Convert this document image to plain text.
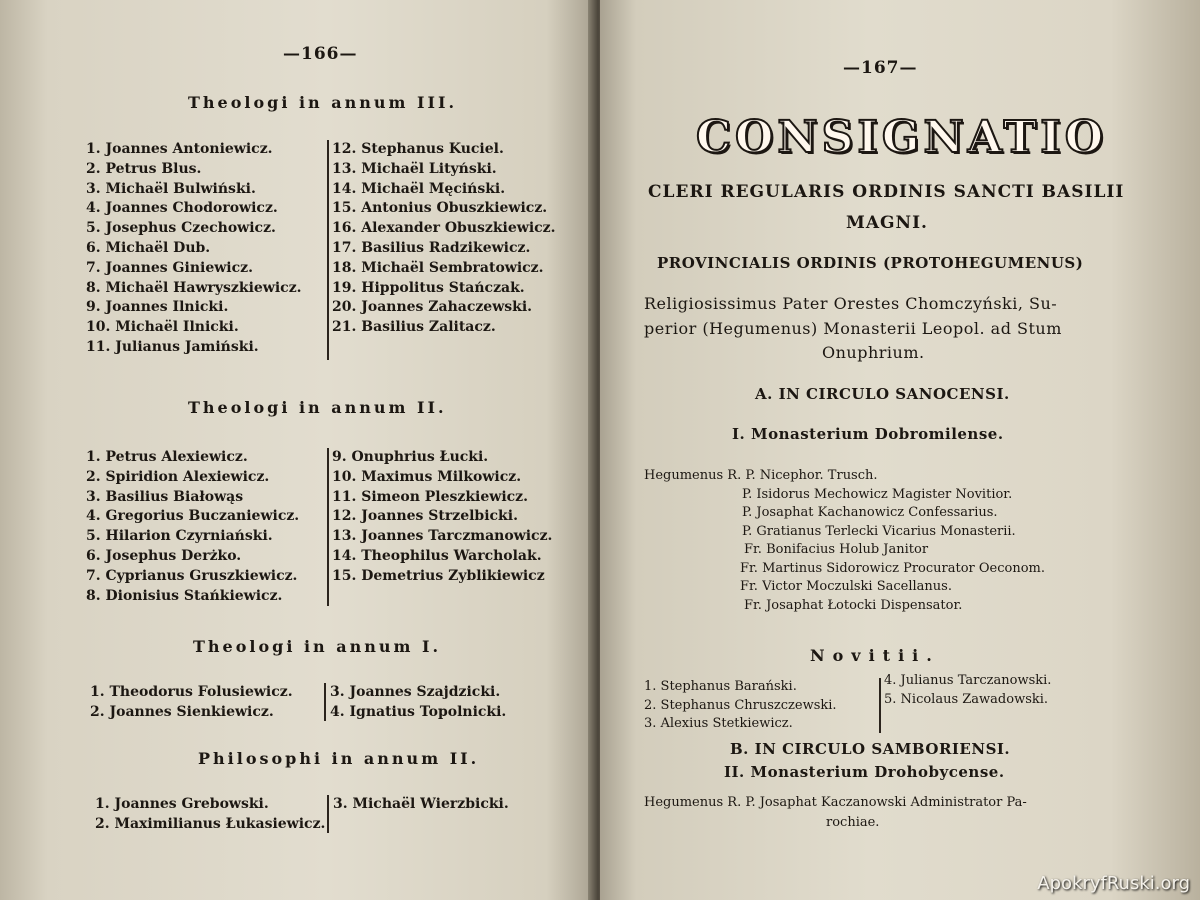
—166—
Theologi in annum III.
1. Joannes Antoniewicz.
2. Petrus Blus.
3. Michaël Bulwiński.
4. Joannes Chodorowicz.
5. Josephus Czechowicz.
6. Michaël Dub.
7. Joannes Giniewicz.
8. Michaël Hawryszkiewicz.
9. Joannes Ilnicki.
10. Michaël Ilnicki.
11. Julianus Jamiński.
12. Stephanus Kuciel.
13. Michaël Lityński.
14. Michaël Męciński.
15. Antonius Obuszkiewicz.
16. Alexander Obuszkiewicz.
17. Basilius Radzikewicz.
18. Michaël Sembratowicz.
19. Hippolitus Stańczak.
20. Joannes Zahaczewski.
21. Basilius Zalitacz.
Theologi in annum II.
1. Petrus Alexiewicz.
2. Spiridion Alexiewicz.
3. Basilius Białowąs
4. Gregorius Buczaniewicz.
5. Hilarion Czyrniański.
6. Josephus Derżko.
7. Cyprianus Gruszkiewicz.
8. Dionisius Stańkiewicz.
9. Onuphrius Łucki.
10. Maximus Milkowicz.
11. Simeon Pleszkiewicz.
12. Joannes Strzelbicki.
13. Joannes Tarczmanowicz.
14. Theophilus Warcholak.
15. Demetrius Zyblikiewicz
Theologi in annum I.
1. Theodorus Folusiewicz.
2. Joannes Sienkiewicz.
3. Joannes Szajdzicki.
4. Ignatius Topolnicki.
Philosophi in annum II.
1. Joannes Grebowski.
2. Maximilianus Łukasiewicz.
3. Michaël Wierzbicki.
—167—
CONSIGNATIO
CLERI REGULARIS ORDINIS SANCTI BASILII
MAGNI.
PROVINCIALIS ORDINIS (PROTOHEGUMENUS)
Religiosissimus Pater Orestes Chomczyński, Su-
perior (Hegumenus) Monasterii Leopol. ad Stum
Onuphrium.
A. IN CIRCULO SANOCENSI.
I. Monasterium Dobromilense.
Hegumenus R. P. Nicephor. Trusch.
P. Isidorus Mechowicz Magister Novitior.
P. Josaphat Kachanowicz Confessarius.
P. Gratianus Terlecki Vicarius Monasterii.
Fr. Bonifacius Holub Janitor
Fr. Martinus Sidorowicz Procurator Oeconom.
Fr. Victor Moczulski Sacellanus.
Fr. Josaphat Łotocki Dispensator.
Novitii.
1. Stephanus Barański.
2. Stephanus Chruszczewski.
3. Alexius Stetkiewicz.
4. Julianus Tarczanowski.
5. Nicolaus Zawadowski.
B. IN CIRCULO SAMBORIENSI.
II. Monasterium Drohobycense.
Hegumenus R. P. Josaphat Kaczanowski Administrator Pa-
rochiae.
ApokryfRuski.org
